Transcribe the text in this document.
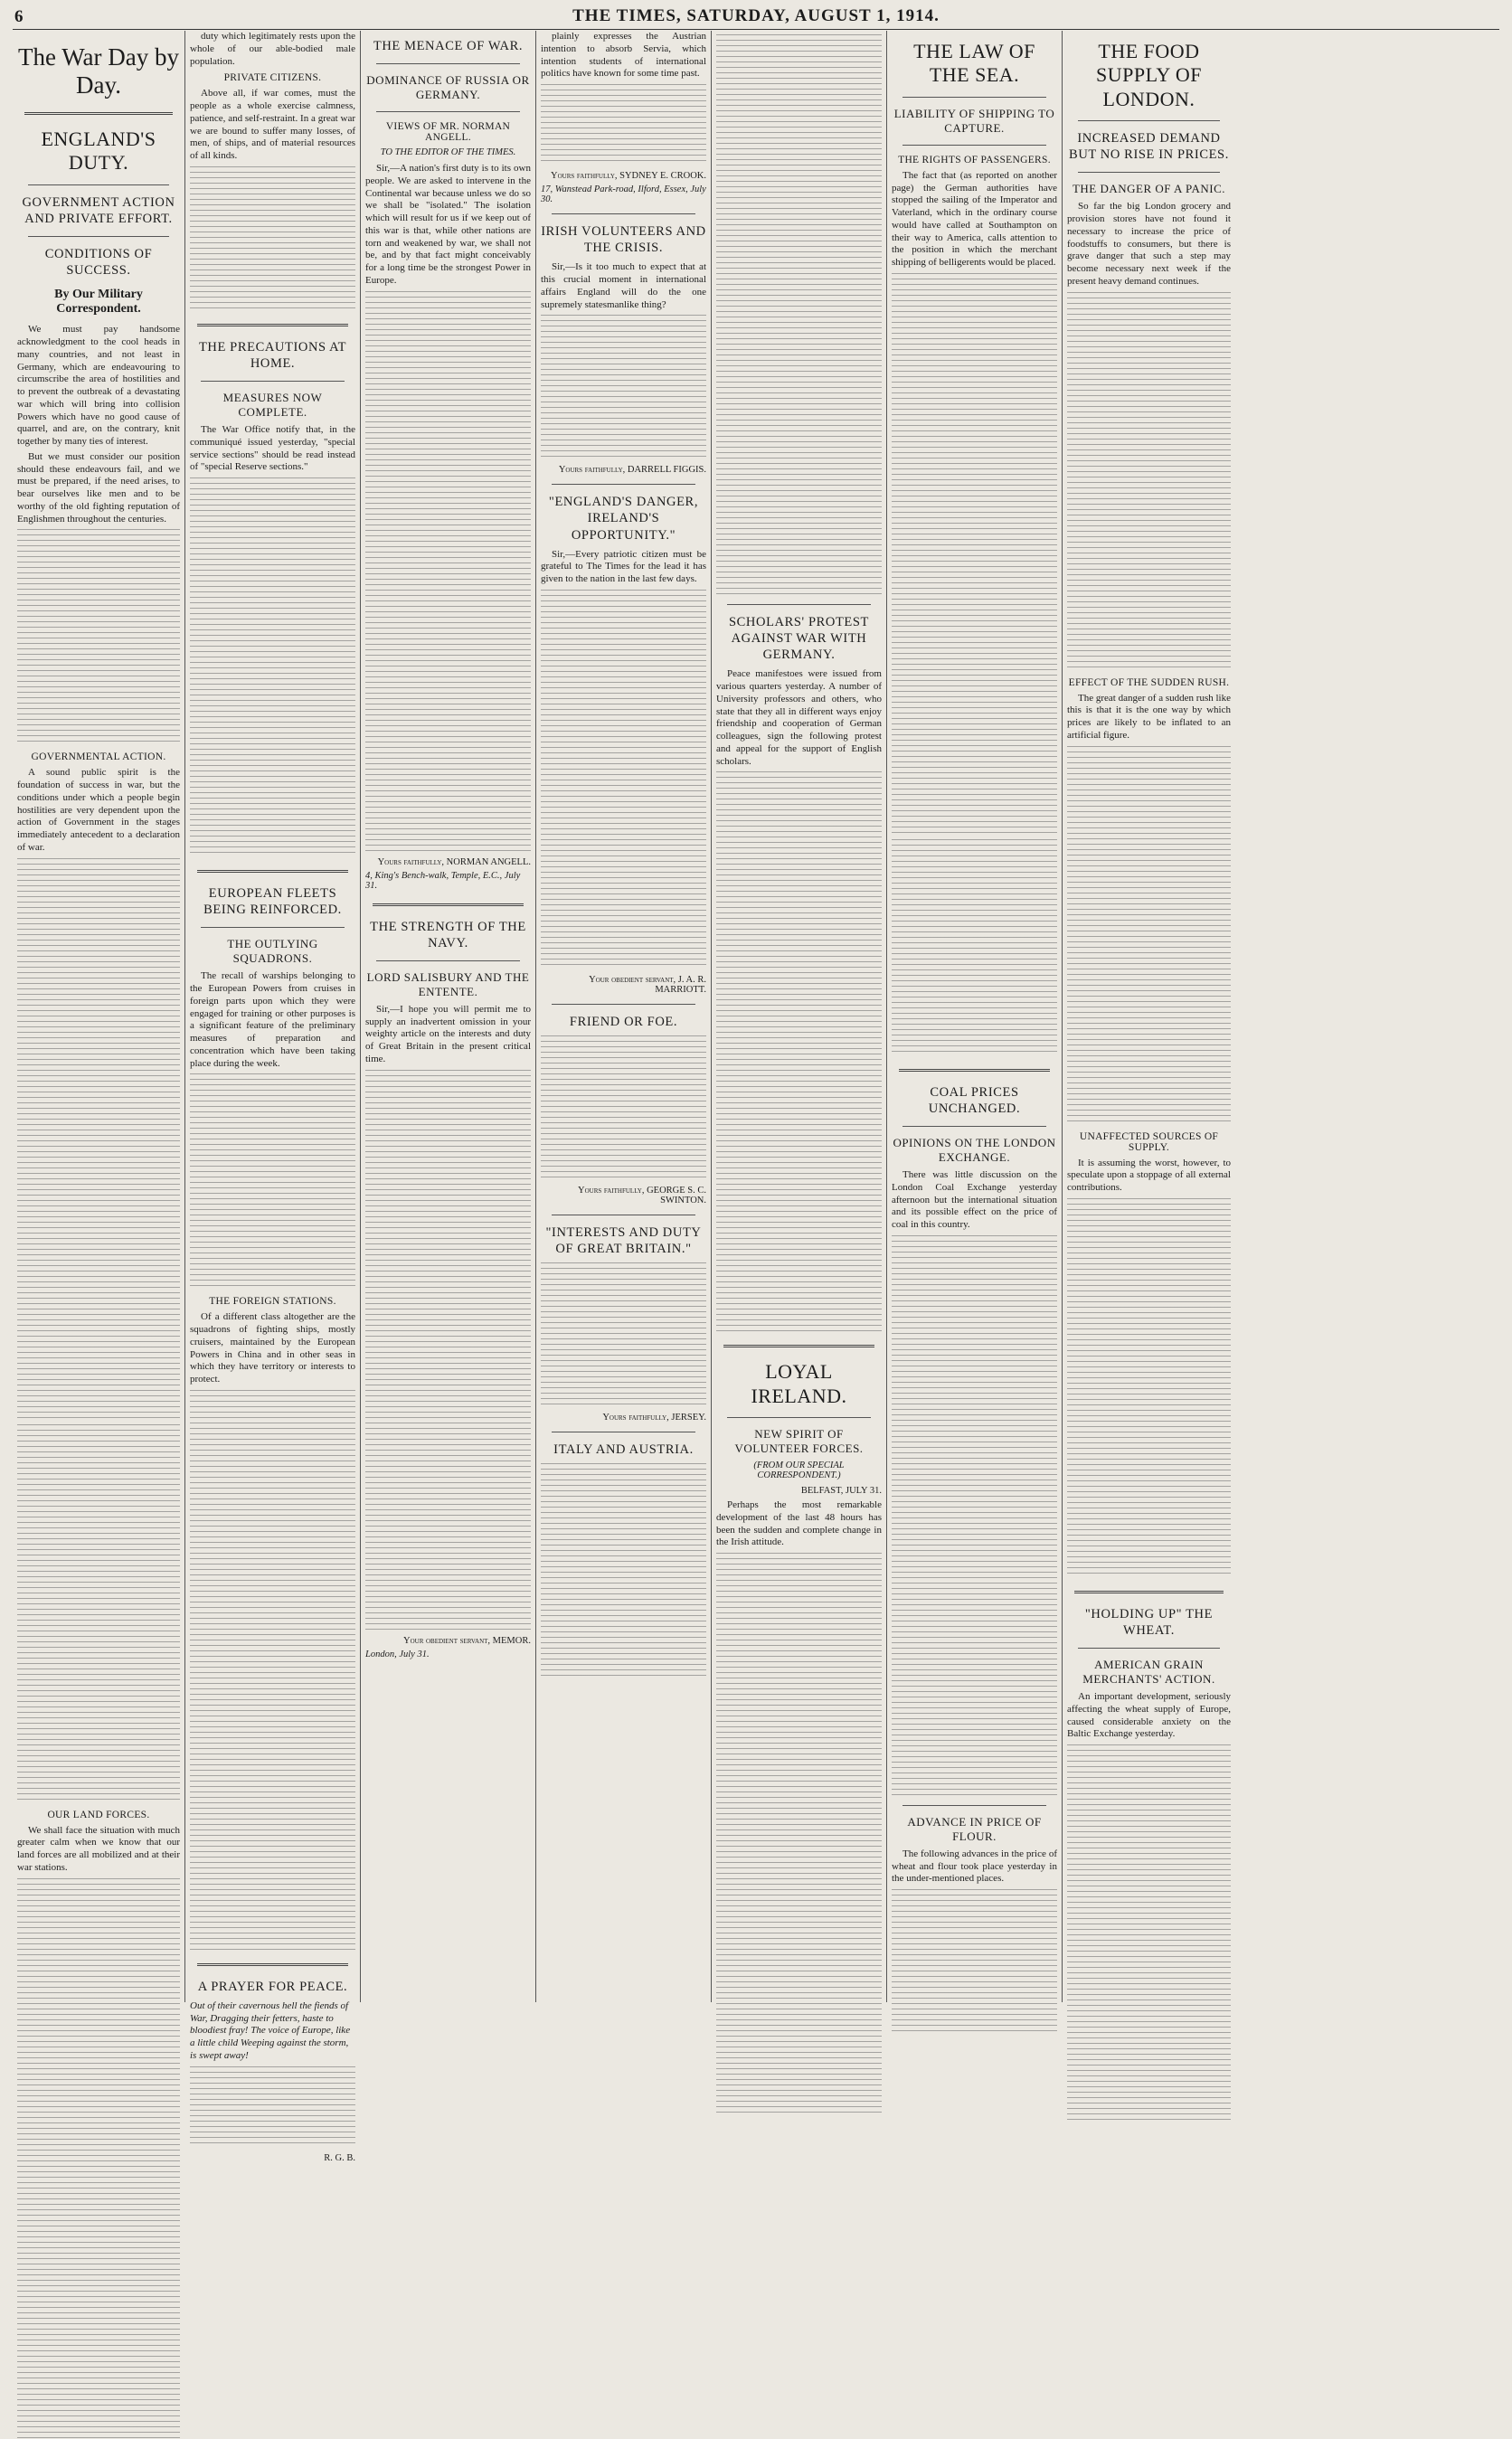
6	THE TIMES, SATURDAY, AUGUST 1, 1914.
The War Day by Day.
ENGLAND'S DUTY.
GOVERNMENT ACTION AND PRIVATE EFFORT.
CONDITIONS OF SUCCESS.
By Our Military Correspondent.

We must pay handsome acknowledgment to the cool heads in many countries, and not least in Germany, which are endeavouring to circumscribe the area of hostilities and to prevent the outbreak of a devastating war which will bring into collision Powers which have no good cause of quarrel, and are, on the contrary, knit together by many ties of interest.

But we must consider our position should these endeavours fail, and we must be prepared, if the need arises, to bear ourselves like men and to be worthy of the old fighting reputation of Englishmen throughout the centuries.

GOVERNMENTAL ACTION.

A sound public spirit is the foundation of success in war, but the conditions under which a people begin hostilities are very dependent upon the action of Government in the stages immediately antecedent to a declaration of war.

OUR LAND FORCES.

We shall face the situation with much greater calm when we know that our land forces are all mobilized and at their war stations.

duty which legitimately rests upon the whole of our able-bodied male population.

PRIVATE CITIZENS.

Above all, if war comes, must the people as a whole exercise calmness, patience, and self-restraint. In a great war we are bound to suffer many losses, of men, of ships, and of material resources of all kinds.

THE PRECAUTIONS AT HOME.
MEASURES NOW COMPLETE.

The War Office notify that, in the communiqué issued yesterday, "special service sections" should be read instead of "special Reserve sections."

EUROPEAN FLEETS BEING REINFORCED.
THE OUTLYING SQUADRONS.

The recall of warships belonging to the European Powers from cruises in foreign parts upon which they were engaged for training or other purposes is a significant feature of the preliminary measures of preparation and concentration which have been taking place during the week.

THE FOREIGN STATIONS.

Of a different class altogether are the squadrons of fighting ships, mostly cruisers, maintained by the European Powers in China and in other seas in which they have territory or interests to protect.

A PRAYER FOR PEACE.

Out of their cavernous hell the fiends of War, Dragging their fetters, haste to bloodiest fray! The voice of Europe, like a little child Weeping against the storm, is swept away!

R. G. B.
THE MENACE OF WAR.
DOMINANCE OF RUSSIA OR GERMANY.
VIEWS OF MR. NORMAN ANGELL.
TO THE EDITOR OF THE TIMES.

Sir,—A nation's first duty is to its own people. We are asked to intervene in the Continental war because unless we do so we shall be "isolated." The isolation which will result for us if we keep out of this war is that, while other nations are torn and weakened by war, we shall not be, and by that fact might conceivably for a long time be the strongest Power in Europe.

Yours faithfully, NORMAN ANGELL.
4, King's Bench-walk, Temple, E.C., July 31.
THE STRENGTH OF THE NAVY.
LORD SALISBURY AND THE ENTENTE.

Sir,—I hope you will permit me to supply an inadvertent omission in your weighty article on the interests and duty of Great Britain in the present critical time.

Your obedient servant, MEMOR.
London, July 31.

plainly expresses the Austrian intention to absorb Servia, which intention students of international politics have known for some time past.

Yours faithfully, SYDNEY E. CROOK.
17, Wanstead Park-road, Ilford, Essex, July 30.
IRISH VOLUNTEERS AND THE CRISIS.

Sir,—Is it too much to expect that at this crucial moment in international affairs England will do the one supremely statesmanlike thing?

Yours faithfully, DARRELL FIGGIS.
"ENGLAND'S DANGER, IRELAND'S OPPORTUNITY."

Sir,—Every patriotic citizen must be grateful to The Times for the lead it has given to the nation in the last few days.

Your obedient servant, J. A. R. MARRIOTT.
FRIEND OR FOE.
Yours faithfully, GEORGE S. C. SWINTON.
"INTERESTS AND DUTY OF GREAT BRITAIN."
Yours faithfully, JERSEY.
ITALY AND AUSTRIA.
SCHOLARS' PROTEST AGAINST WAR WITH GERMANY.

Peace manifestoes were issued from various quarters yesterday. A number of University professors and others, who state that they all in different ways enjoy friendship and cooperation of German colleagues, sign the following protest and appeal for the support of English scholars.

LOYAL IRELAND.
NEW SPIRIT OF VOLUNTEER FORCES.
(FROM OUR SPECIAL CORRESPONDENT.)
BELFAST, JULY 31.

Perhaps the most remarkable development of the last 48 hours has been the sudden and complete change in the Irish attitude.

THE LAW OF THE SEA.
LIABILITY OF SHIPPING TO CAPTURE.
THE RIGHTS OF PASSENGERS.

The fact that (as reported on another page) the German authorities have stopped the sailing of the Imperator and Vaterland, which in the ordinary course would have called at Southampton on their way to America, calls attention to the position in which the merchant shipping of belligerents would be placed.

COAL PRICES UNCHANGED.
OPINIONS ON THE LONDON EXCHANGE.

There was little discussion on the London Coal Exchange yesterday afternoon but the international situation and its possible effect on the price of coal in this country.

ADVANCE IN PRICE OF FLOUR.

The following advances in the price of wheat and flour took place yesterday in the under-mentioned places.

THE FOOD SUPPLY OF LONDON.
INCREASED DEMAND BUT NO RISE IN PRICES.
THE DANGER OF A PANIC.

So far the big London grocery and provision stores have not found it necessary to increase the price of foodstuffs to consumers, but there is grave danger that such a step may become necessary next week if the present heavy demand continues.

EFFECT OF THE SUDDEN RUSH.

The great danger of a sudden rush like this is that it is the one way by which prices are likely to be inflated to an artificial figure.

UNAFFECTED SOURCES OF SUPPLY.

It is assuming the worst, however, to speculate upon a stoppage of all external contributions.

"HOLDING UP" THE WHEAT.
AMERICAN GRAIN MERCHANTS' ACTION.

An important development, seriously affecting the wheat supply of Europe, caused considerable anxiety on the Baltic Exchange yesterday.
